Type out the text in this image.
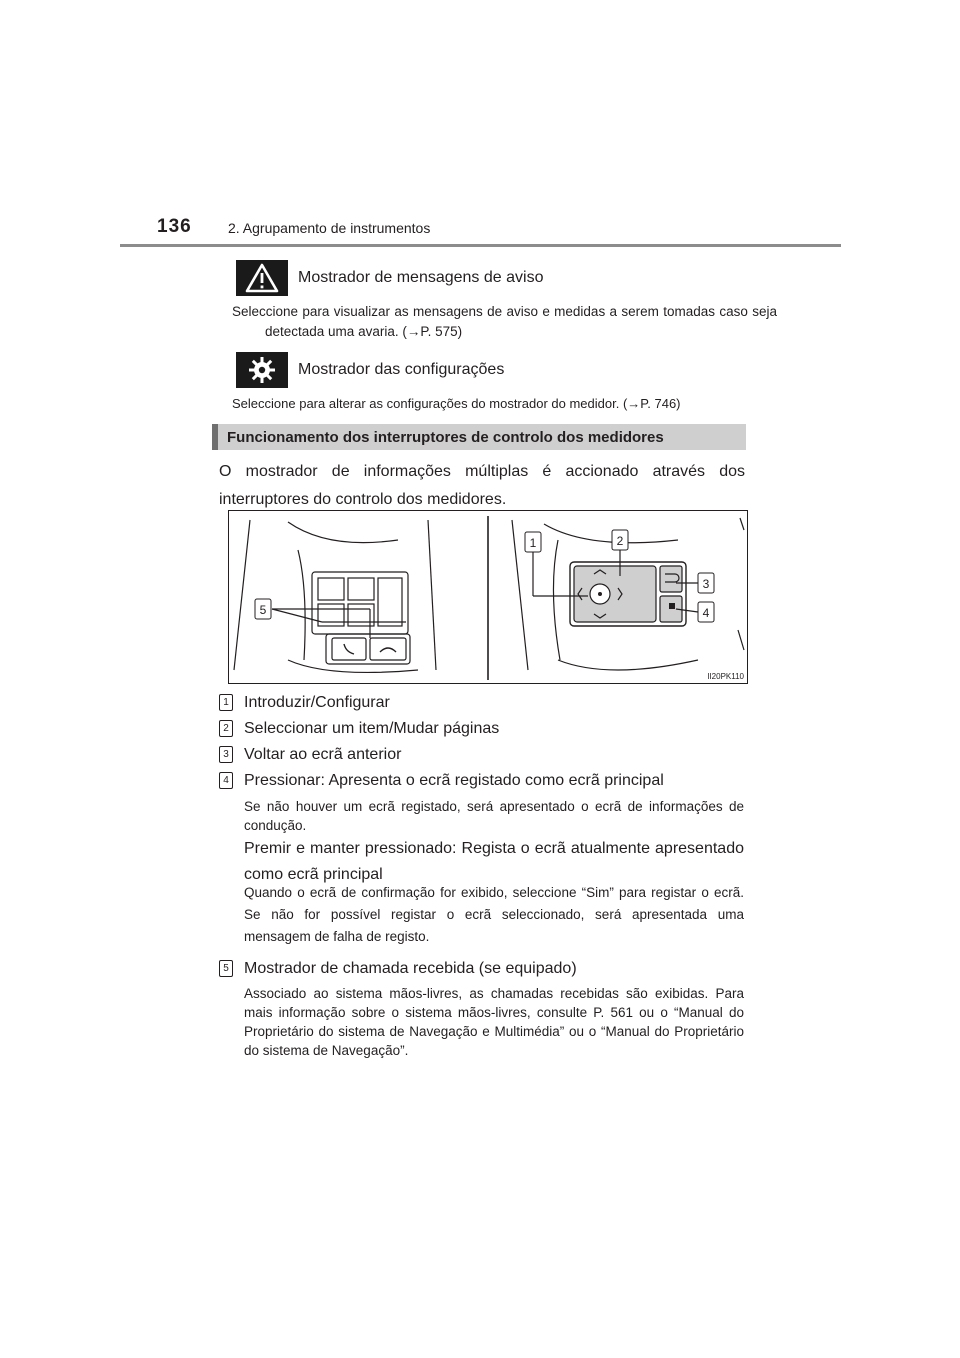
136	2. Agrupamento de instrumentos
Mostrador de mensagens de aviso
Seleccione para visualizar as mensagens de aviso e medidas a serem tomadas caso seja detectada uma avaria. (→P. 575)
Mostrador das configurações
Seleccione para alterar as configurações do mostrador do medidor. (→P. 746)
Funcionamento dos interruptores de controlo dos medidores
O mostrador de informações múltiplas é accionado através dos interruptores do controlo dos medidores.
5
1	2
3
4
II20PK110
1 Introduzir/Configurar
2 Seleccionar um item/Mudar páginas
3 Voltar ao ecrã anterior
4 Pressionar: Apresenta o ecrã registado como ecrã principal
Se não houver um ecrã registado, será apresentado o ecrã de informações de condução.
Premir e manter pressionado: Regista o ecrã atualmente apresentado como ecrã principal
Quando o ecrã de confirmação for exibido, seleccione “Sim” para registar o ecrã. Se não for possível registar o ecrã seleccionado, será apresentada uma mensagem de falha de registo.
5 Mostrador de chamada recebida (se equipado)
Associado ao sistema mãos-livres, as chamadas recebidas são exibidas. Para mais informação sobre o sistema mãos-livres, consulte P. 561 ou o “Manual do Proprietário do sistema de Navegação e Multimédia” ou o “Manual do Proprietário do sistema de Navegação”.
